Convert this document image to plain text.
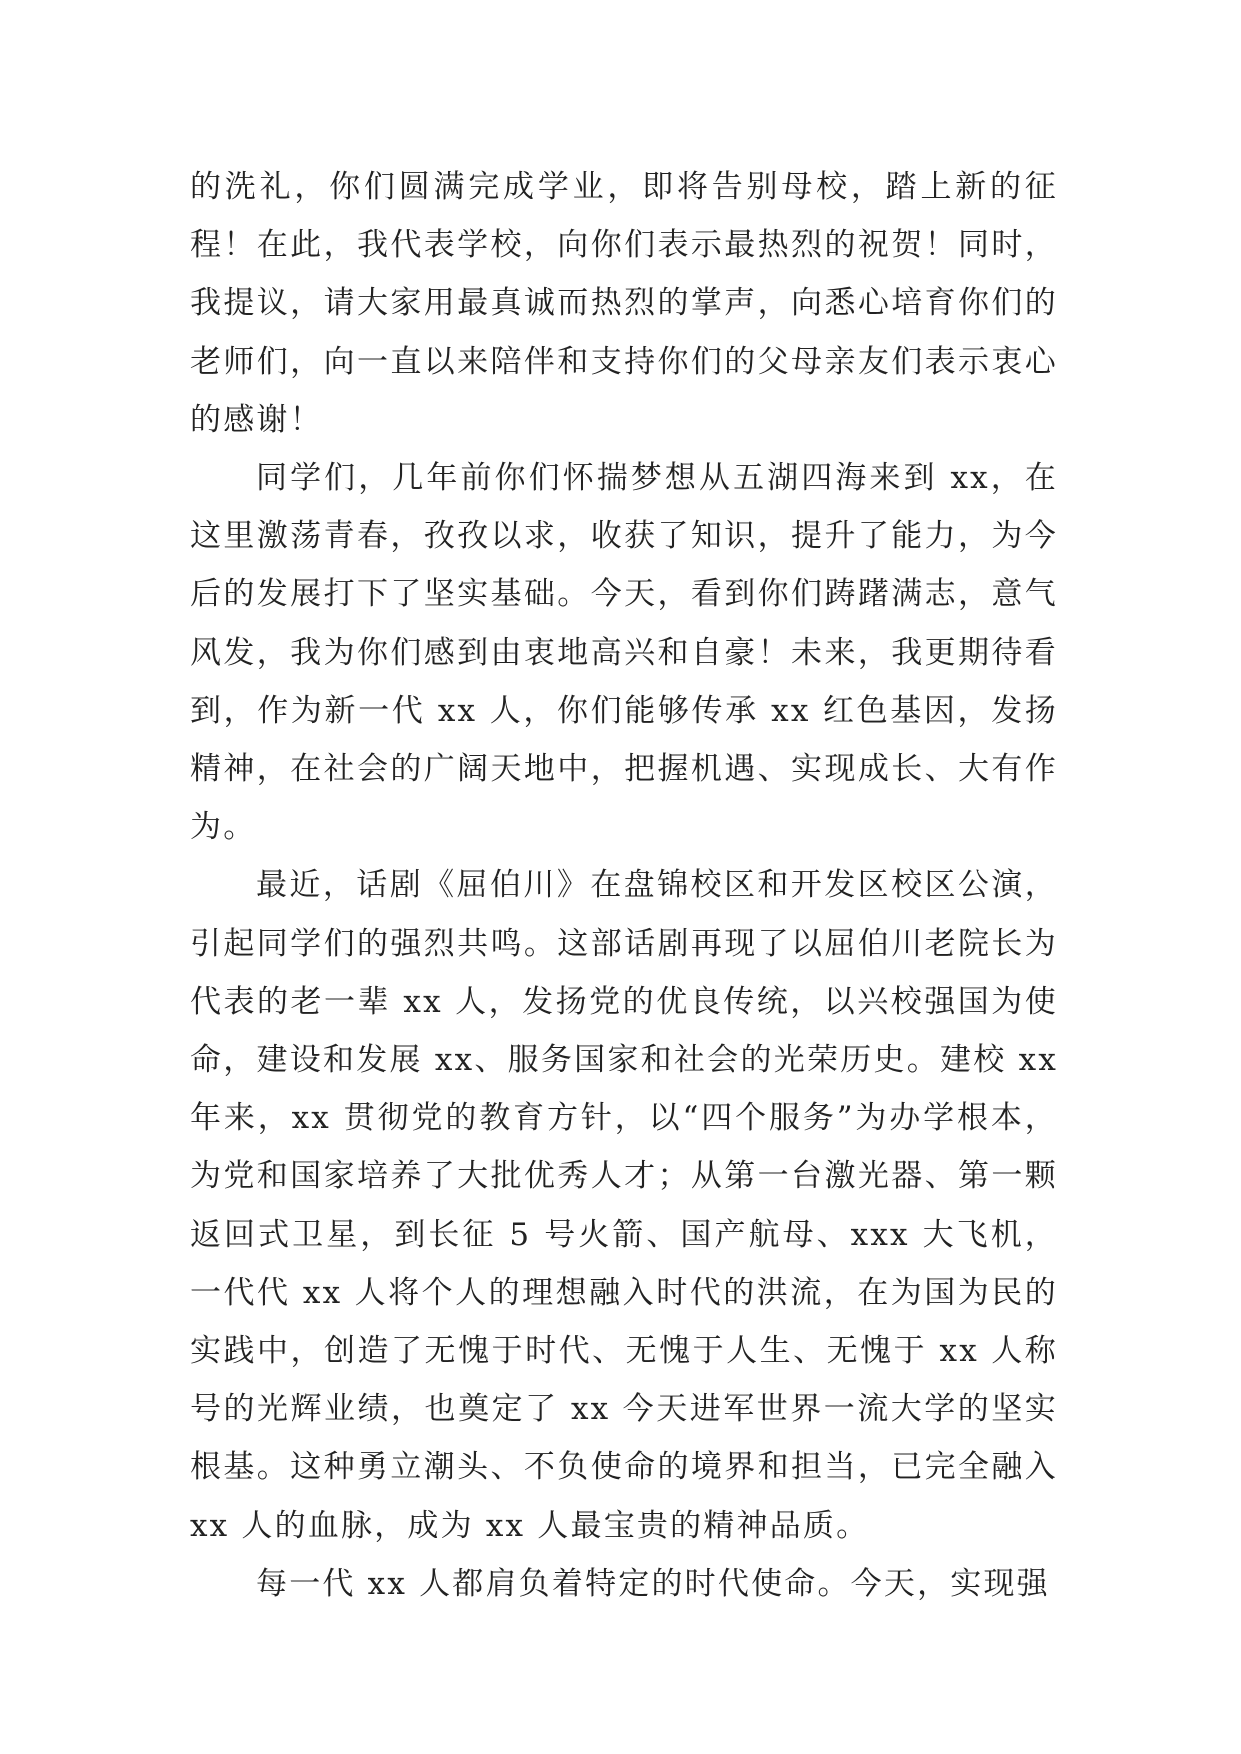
的洗礼，你们圆满完成学业，即将告别母校，踏上新的征程！在此，我代表学校，向你们表示最热烈的祝贺！同时，我提议，请大家用最真诚而热烈的掌声，向悉心培育你们的老师们，向一直以来陪伴和支持你们的父母亲友们表示衷心的感谢！

同学们，几年前你们怀揣梦想从五湖四海来到 xx，在这里激荡青春，孜孜以求，收获了知识，提升了能力，为今后的发展打下了坚实基础。今天，看到你们踌躇满志，意气风发，我为你们感到由衷地高兴和自豪！未来，我更期待看到，作为新一代 xx 人，你们能够传承 xx 红色基因，发扬精神，在社会的广阔天地中，把握机遇、实现成长、大有作为。

最近，话剧《屈伯川》在盘锦校区和开发区校区公演，引起同学们的强烈共鸣。这部话剧再现了以屈伯川老院长为代表的老一辈 xx 人，发扬党的优良传统，以兴校强国为使命，建设和发展 xx、服务国家和社会的光荣历史。建校 xx 年来，xx 贯彻党的教育方针，以“四个服务”为办学根本，为党和国家培养了大批优秀人才；从第一台激光器、第一颗返回式卫星，到长征 5 号火箭、国产航母、xxx 大飞机，一代代 xx 人将个人的理想融入时代的洪流，在为国为民的实践中，创造了无愧于时代、无愧于人生、无愧于 xx 人称号的光辉业绩，也奠定了 xx 今天进军世界一流大学的坚实根基。这种勇立潮头、不负使命的境界和担当，已完全融入 xx 人的血脉，成为 xx 人最宝贵的精神品质。

每一代 xx 人都肩负着特定的时代使命。今天，实现强
